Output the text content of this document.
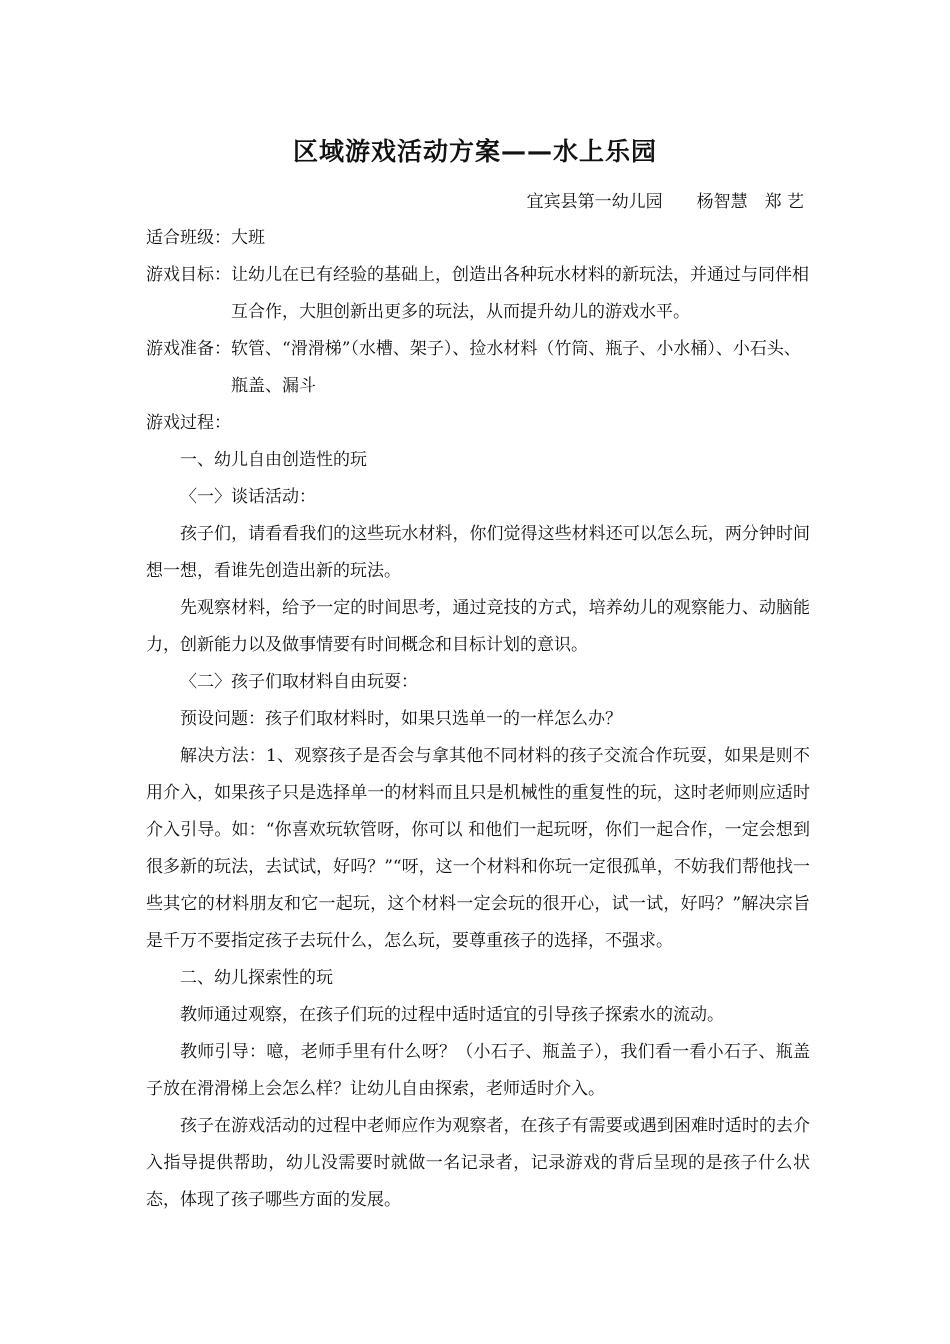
区域游戏活动方案——水上乐园
宜宾县第一幼儿园　　杨智慧　郑 艺
适合班级： 大班
游戏目标： 让幼儿在已有经验的基础上，创造出各种玩水材料的新玩法，并通过与同伴相互合作，大胆创新出更多的玩法，从而提升幼儿的游戏水平。
游戏准备： 软管、“滑滑梯”（水槽、架子）、捡水材料（竹筒、瓶子、小水桶）、小石头、瓶盖、漏斗

游戏过程：

一、幼儿自由创造性的玩

〈一〉谈话活动：

孩子们，请看看我们的这些玩水材料，你们觉得这些材料还可以怎么玩，两分钟时间想一想，看谁先创造出新的玩法。

先观察材料，给予一定的时间思考，通过竞技的方式，培养幼儿的观察能力、动脑能力，创新能力以及做事情要有时间概念和目标计划的意识。

〈二〉孩子们取材料自由玩耍：

预设问题：孩子们取材料时，如果只选单一的一样怎么办？

解决方法：1、观察孩子是否会与拿其他不同材料的孩子交流合作玩耍，如果是则不用介入，如果孩子只是选择单一的材料而且只是机械性的重复性的玩，这时老师则应适时介入引导。如：“你喜欢玩软管呀，你可以 和他们一起玩呀，你们一起合作，一定会想到很多新的玩法，去试试，好吗？”“呀，这一个材料和你玩一定很孤单，不妨我们帮他找一些其它的材料朋友和它一起玩，这个材料一定会玩的很开心，试一试，好吗？”解决宗旨是千万不要指定孩子去玩什么，怎么玩，要尊重孩子的选择，不强求。

二、幼儿探索性的玩

教师通过观察，在孩子们玩的过程中适时适宜的引导孩子探索水的流动。

教师引导：噫，老师手里有什么呀？（小石子、瓶盖子），我们看一看小石子、瓶盖子放在滑滑梯上会怎么样？让幼儿自由探索，老师适时介入。

孩子在游戏活动的过程中老师应作为观察者，在孩子有需要或遇到困难时适时的去介入指导提供帮助，幼儿没需要时就做一名记录者，记录游戏的背后呈现的是孩子什么状态，体现了孩子哪些方面的发展。
